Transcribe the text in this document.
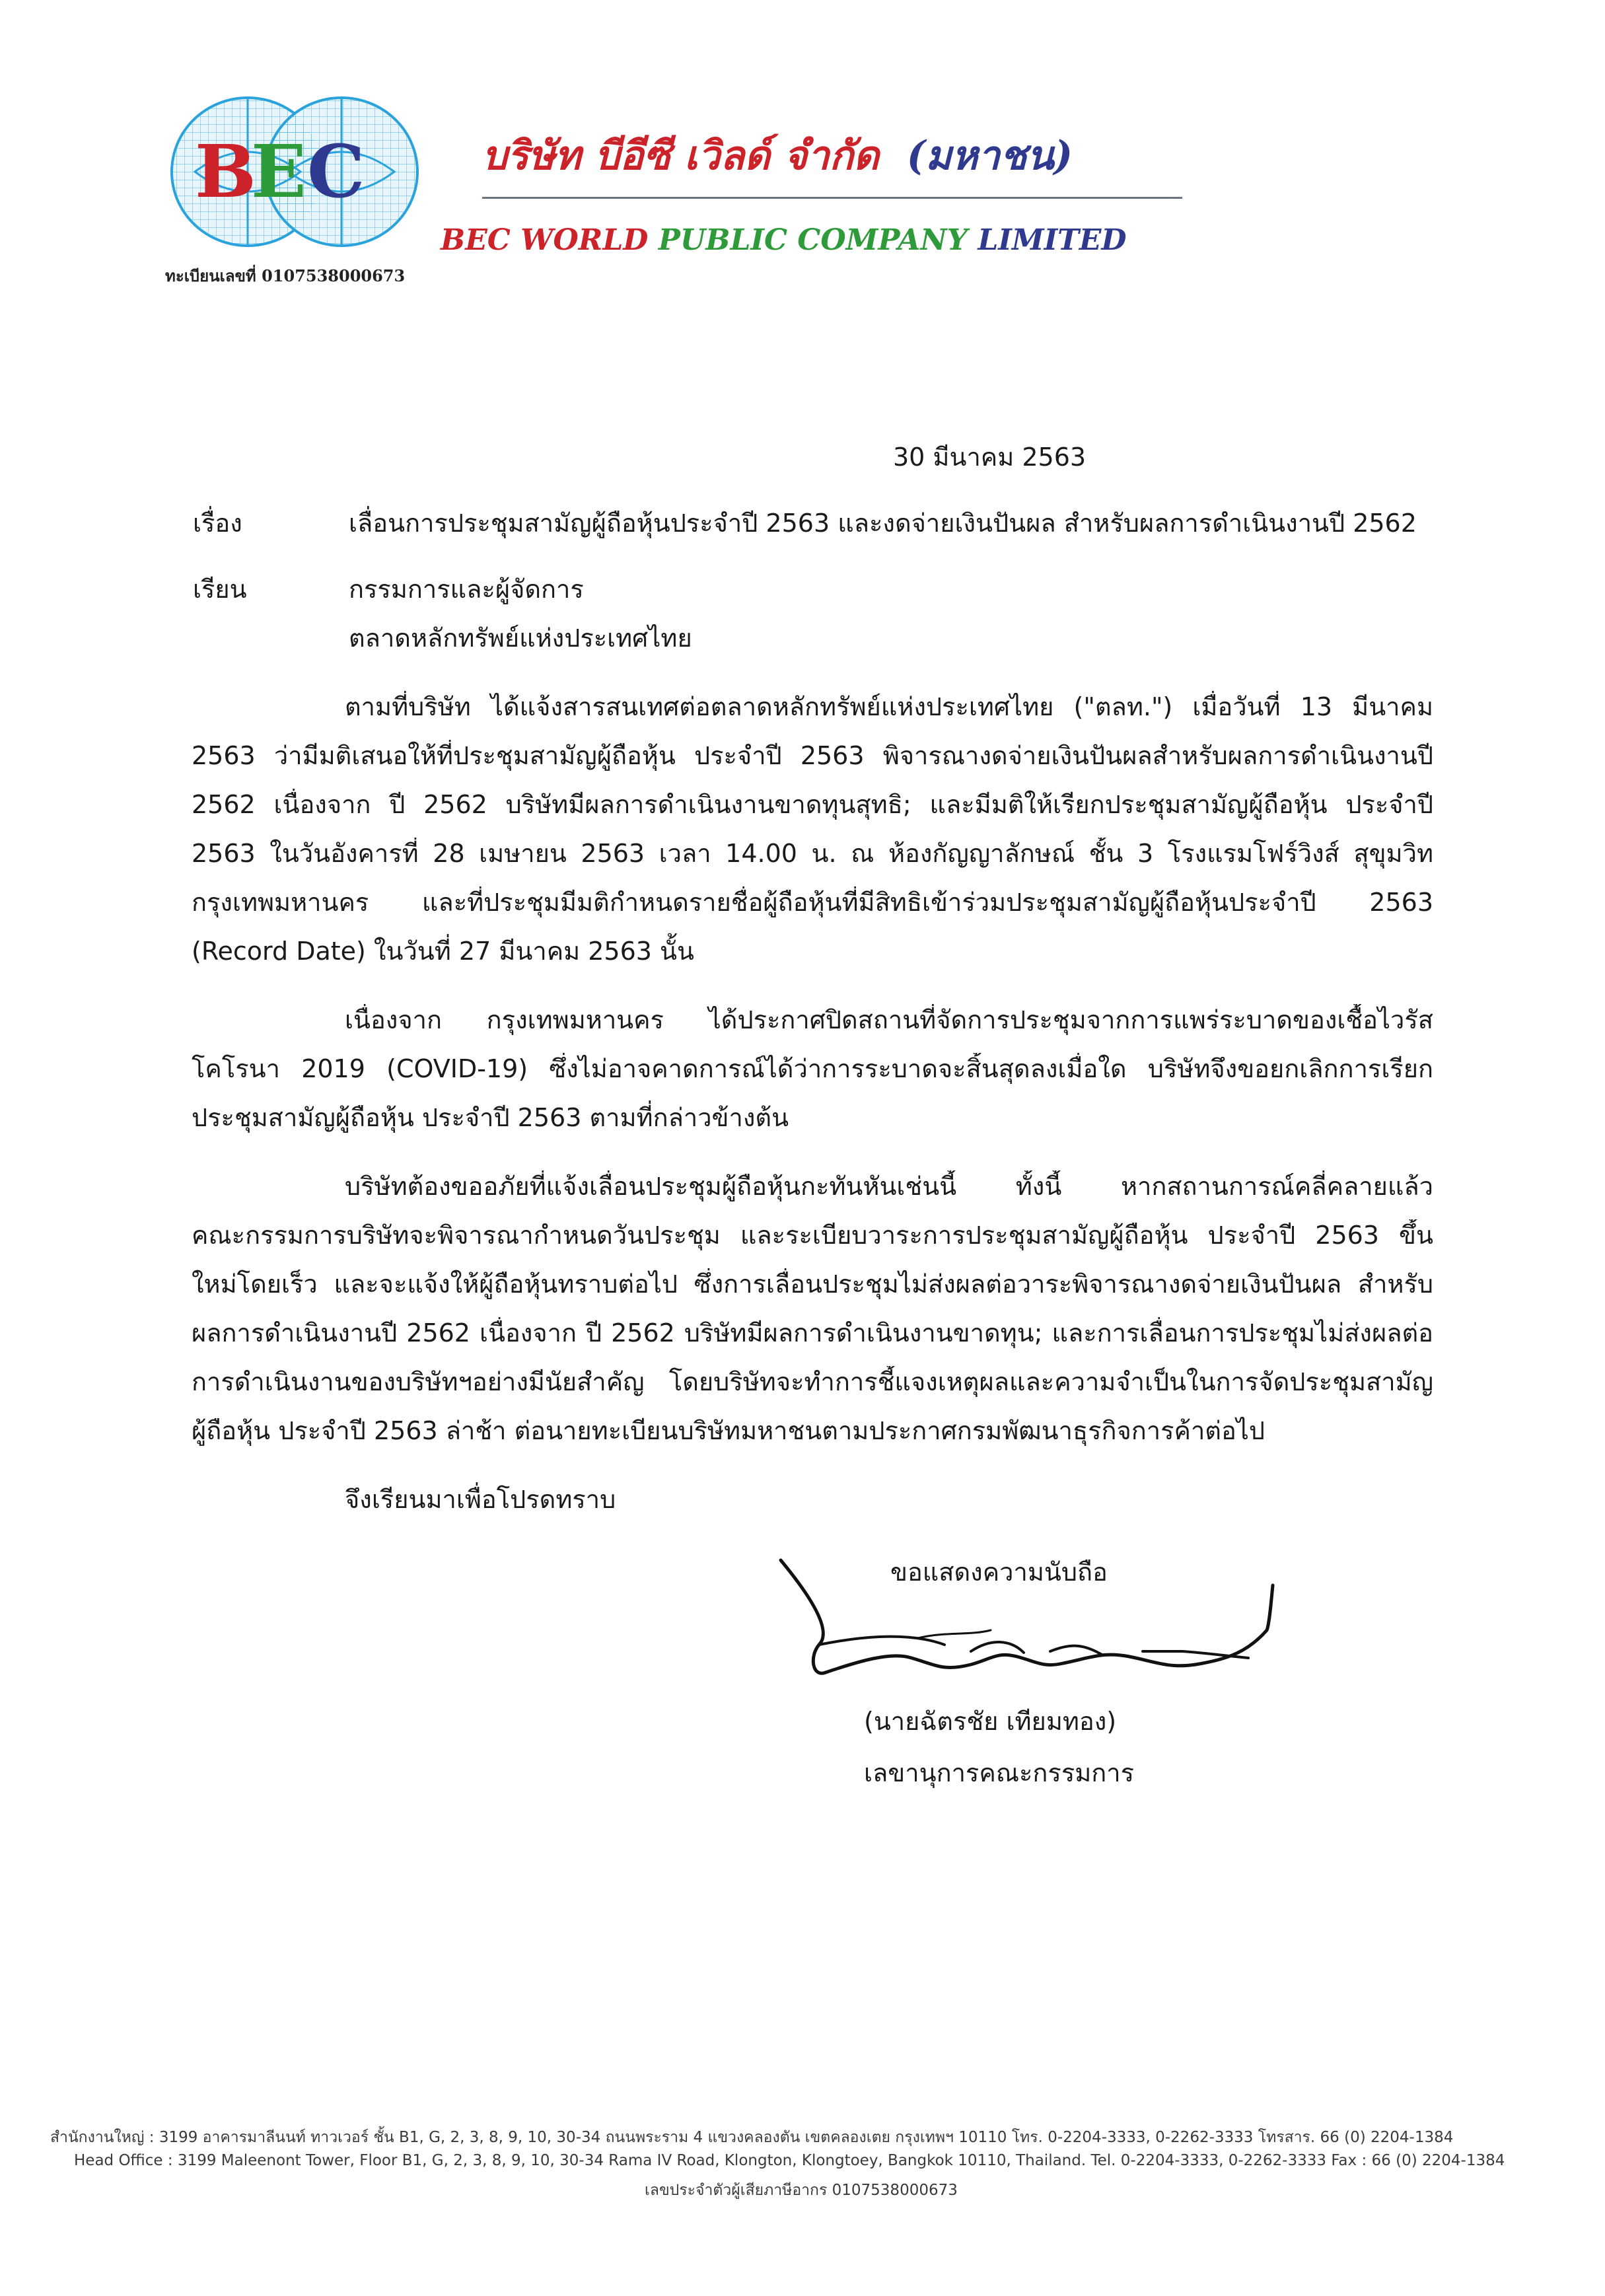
B
E C
ทะเบียนเลขที่ 0107538000673
บริษัท บีอีซี เวิลด์ จำกัด (มหาชน)
BEC WORLD PUBLIC COMPANY LIMITED
30 มีนาคม 2563
เรื่อง	เลื่อนการประชุมสามัญผู้ถือหุ้นประจำปี 2563 และงดจ่ายเงินปันผล สำหรับผลการดำเนินงานปี 2562
เรียน	กรรมการและผู้จัดการ
ตลาดหลักทรัพย์แห่งประเทศไทย
ตามที่บริษัท ได้แจ้งสารสนเทศต่อตลาดหลักทรัพย์แห่งประเทศไทย ("ตลท.") เมื่อวันที่ 13 มีนาคม
2563 ว่ามีมติเสนอให้ที่ประชุมสามัญผู้ถือหุ้น ประจำปี 2563 พิจารณางดจ่ายเงินปันผลสำหรับผลการดำเนินงานปี
2562 เนื่องจาก ปี 2562 บริษัทมีผลการดำเนินงานขาดทุนสุทธิ; และมีมติให้เรียกประชุมสามัญผู้ถือหุ้น ประจำปี
2563 ในวันอังคารที่ 28 เมษายน 2563 เวลา 14.00 น. ณ ห้องกัญญาลักษณ์ ชั้น 3 โรงแรมโฟร์วิงส์ สุขุมวิท
กรุงเทพมหานคร และที่ประชุมมีมติกำหนดรายชื่อผู้ถือหุ้นที่มีสิทธิเข้าร่วมประชุมสามัญผู้ถือหุ้นประจำปี 2563
(Record Date) ในวันที่ 27 มีนาคม 2563 นั้น
เนื่องจาก กรุงเทพมหานคร ได้ประกาศปิดสถานที่จัดการประชุมจากการแพร่ระบาดของเชื้อไวรัส
โคโรนา 2019 (COVID-19) ซึ่งไม่อาจคาดการณ์ได้ว่าการระบาดจะสิ้นสุดลงเมื่อใด บริษัทจึงขอยกเลิกการเรียก
ประชุมสามัญผู้ถือหุ้น ประจำปี 2563 ตามที่กล่าวข้างต้น
บริษัทต้องขออภัยที่แจ้งเลื่อนประชุมผู้ถือหุ้นกะทันหันเช่นนี้ ทั้งนี้ หากสถานการณ์คลี่คลายแล้ว
คณะกรรมการบริษัทจะพิจารณากำหนดวันประชุม และระเบียบวาระการประชุมสามัญผู้ถือหุ้น ประจำปี 2563 ขึ้น
ใหม่โดยเร็ว และจะแจ้งให้ผู้ถือหุ้นทราบต่อไป ซึ่งการเลื่อนประชุมไม่ส่งผลต่อวาระพิจารณางดจ่ายเงินปันผล สำหรับ
ผลการดำเนินงานปี 2562 เนื่องจาก ปี 2562 บริษัทมีผลการดำเนินงานขาดทุน; และการเลื่อนการประชุมไม่ส่งผลต่อ
การดำเนินงานของบริษัทฯอย่างมีนัยสำคัญ โดยบริษัทจะทำการชี้แจงเหตุผลและความจำเป็นในการจัดประชุมสามัญ
ผู้ถือหุ้น ประจำปี 2563 ล่าช้า ต่อนายทะเบียนบริษัทมหาชนตามประกาศกรมพัฒนาธุรกิจการค้าต่อไป
จึงเรียนมาเพื่อโปรดทราบ
ขอแสดงความนับถือ
(นายฉัตรชัย เทียมทอง)
เลขานุการคณะกรรมการ
สำนักงานใหญ่ : 3199 อาคารมาลีนนท์ ทาวเวอร์ ชั้น B1, G, 2, 3, 8, 9, 10, 30-34 ถนนพระราม 4 แขวงคลองตัน เขตคลองเตย กรุงเทพฯ 10110 โทร. 0-2204-3333, 0-2262-3333 โทรสาร. 66 (0) 2204-1384
Head Office : 3199 Maleenont Tower, Floor B1, G, 2, 3, 8, 9, 10, 30-34 Rama IV Road, Klongton, Klongtoey, Bangkok 10110, Thailand. Tel. 0-2204-3333, 0-2262-3333 Fax : 66 (0) 2204-1384
เลขประจำตัวผู้เสียภาษีอากร 0107538000673
